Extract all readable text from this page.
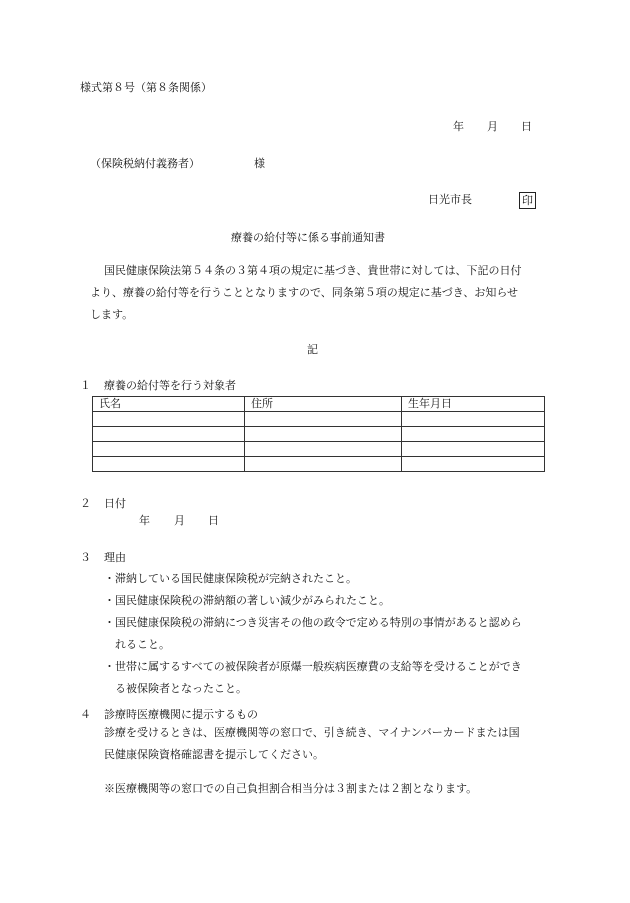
様式第８号（第８条関係）
年 月 日
（保険税納付義務者）	様
日光市長	印
療養の給付等に係る事前通知書
国民健康保険法第５４条の３第４項の規定に基づき、貴世帯に対しては、下記の日付
より、療養の給付等を行うこととなりますので、同条第５項の規定に基づき、お知らせ
します。
記
１ 療養の給付等を行う対象者
氏名	住所	生年月日

２ 日付
年 月 日
３ 理由
・滞納している国民健康保険税が完納されたこと。
・国民健康保険税の滞納額の著しい減少がみられたこと。
・国民健康保険税の滞納につき災害その他の政令で定める特別の事情があると認めら
　れること。
・世帯に属するすべての被保険者が原爆一般疾病医療費の支給等を受けることができ
　る被保険者となったこと。
４ 診療時医療機関に提示するもの
診療を受けるときは、医療機関等の窓口で、引き続き、マイナンバーカードまたは国
民健康保険資格確認書を提示してください。
※医療機関等の窓口での自己負担割合相当分は３割または２割となります。
